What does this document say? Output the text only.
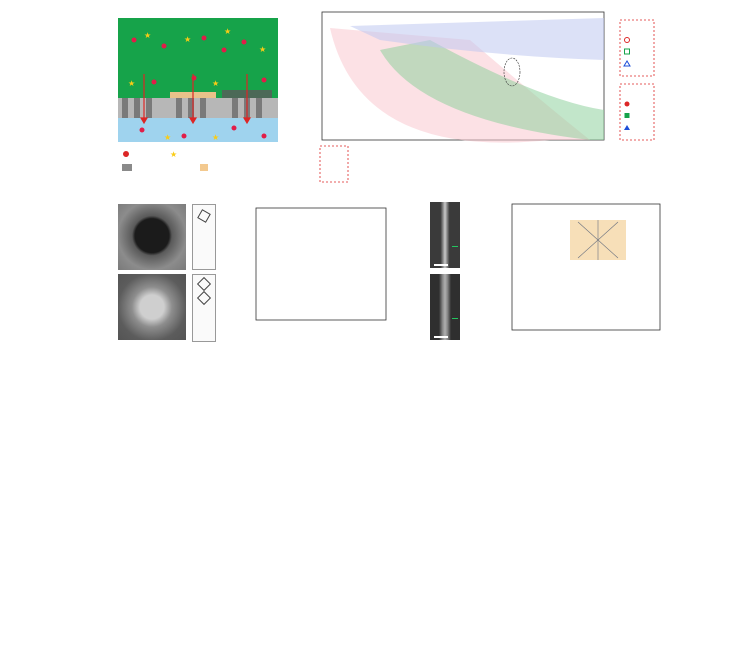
★	★
★
★
★	★
★	★
★
